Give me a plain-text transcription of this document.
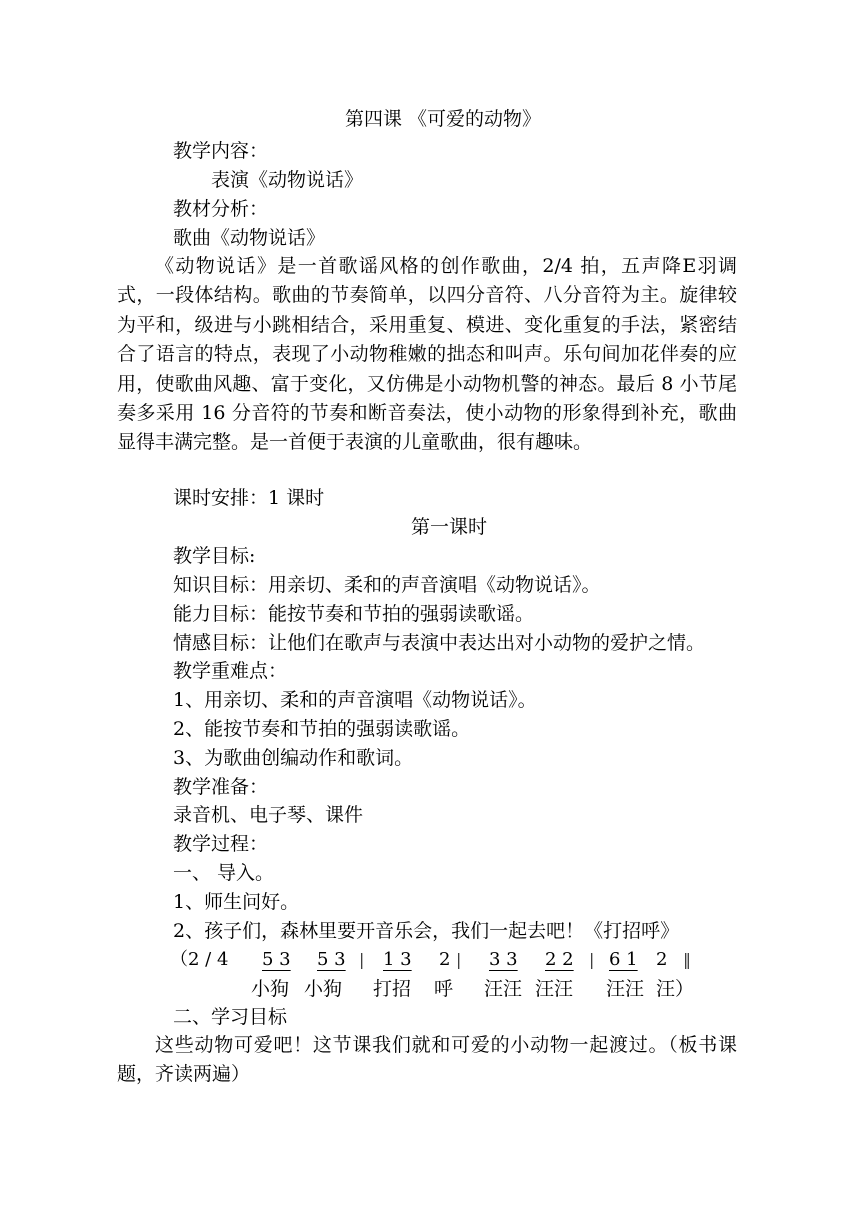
第四课 《可爱的动物》
教学内容：
表演《动物说话》
教材分析：
歌曲《动物说话》

《动物说话》是一首歌谣风格的创作歌曲，2/4 拍，五声降E羽调式，一段体结构。歌曲的节奏简单，以四分音符、八分音符为主。旋律较为平和，级进与小跳相结合，采用重复、模进、变化重复的手法，紧密结合了语言的特点，表现了小动物稚嫩的拙态和叫声。乐句间加花伴奏的应用，使歌曲风趣、富于变化，又仿佛是小动物机警的神态。最后 8 小节尾奏多采用 16 分音符的节奏和断音奏法，使小动物的形象得到补充，歌曲显得丰满完整。是一首便于表演的儿童歌曲，很有趣味。

课时安排：1 课时
第一课时
教学目标:
知识目标：用亲切、柔和的声音演唱《动物说话》。
能力目标：能按节奏和节拍的强弱读歌谣。
情感目标：让他们在歌声与表演中表达出对小动物的爱护之情。
教学重难点：
1、用亲切、柔和的声音演唱《动物说话》。
2、能按节奏和节拍的强弱读歌谣。
3、为歌曲创编动作和歌词。
教学准备：
录音机、电子琴、课件
教学过程：
一、 导入。
1、师生问好。
2、孩子们，森林里要开音乐会，我们一起去吧！《打招呼》
（2 / 4 5 3 5 3 | 1 3 2 | 3 3 2 2 | 6 1 2 ‖
小狗 小狗 打招 呼 汪汪 汪汪 汪汪 汪）
二、学习目标

这些动物可爱吧！这节课我们就和可爱的小动物一起渡过。（板书课题，齐读两遍）
